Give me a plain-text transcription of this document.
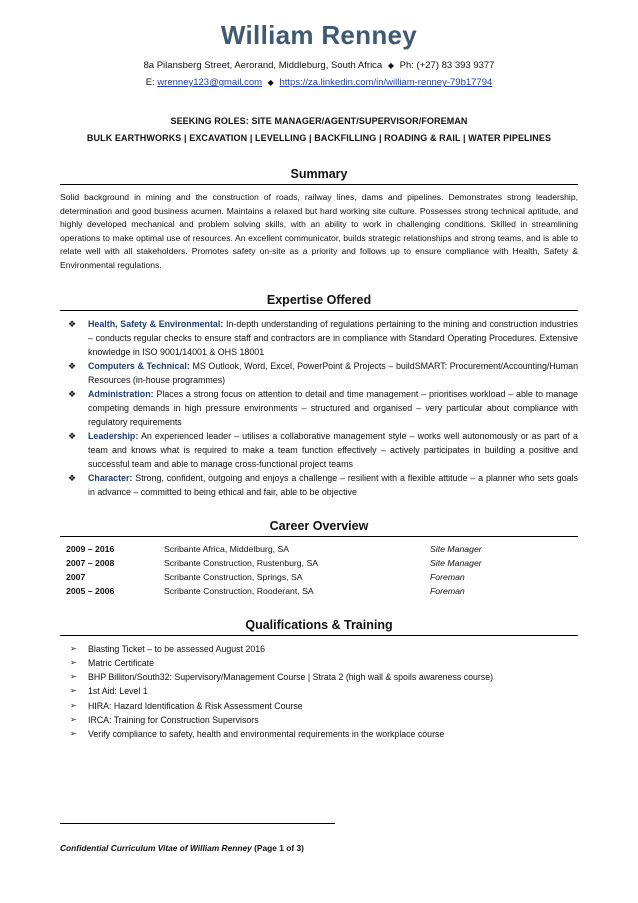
William Renney
8a Pilansberg Street, Aerorand, Middleburg, South Africa ◆ Ph: (+27) 83 393 9377
E: wrenney123@gmail.com ◆ https://za.linkedin.com/in/william-renney-79b17794
SEEKING ROLES: SITE MANAGER/AGENT/SUPERVISOR/FOREMAN
BULK EARTHWORKS | EXCAVATION | LEVELLING | BACKFILLING | ROADING & RAIL | WATER PIPELINES
Summary
Solid background in mining and the construction of roads, railway lines, dams and pipelines. Demonstrates strong leadership, determination and good business acumen. Maintains a relaxed but hard working site culture. Possesses strong technical aptitude, and highly developed mechanical and problem solving skills, with an ability to work in challenging conditions. Skilled in streamlining operations to make optimal use of resources. An excellent communicator, builds strategic relationships and strong teams, and is able to relate well with all stakeholders. Promotes safety on-site as a priority and follows up to ensure compliance with Health, Safety & Environmental regulations.
Expertise Offered
❖ Health, Safety & Environmental: In-depth understanding of regulations pertaining to the mining and construction industries – conducts regular checks to ensure staff and contractors are in compliance with Standard Operating Procedures. Extensive knowledge in ISO 9001/14001 & OHS 18001
❖ Computers & Technical: MS Outlook, Word, Excel, PowerPoint & Projects – buildSMART: Procurement/Accounting/Human Resources (in-house programmes)
❖ Administration: Places a strong focus on attention to detail and time management – prioritises workload – able to manage competing demands in high pressure environments – structured and organised – very particular about compliance with regulatory requirements
❖ Leadership: An experienced leader – utilises a collaborative management style – works well autonomously or as part of a team and knows what is required to make a team function effectively – actively participates in building a positive and successful team and able to manage cross-functional project teams
❖ Character: Strong, confident, outgoing and enjoys a challenge – resilient with a flexible attitude – a planner who sets goals in advance – committed to being ethical and fair, able to be objective
Career Overview
2009 – 2016	Scribante Africa, Middelburg, SA	Site Manager
2007 – 2008	Scribante Construction, Rustenburg, SA	Site Manager
2007	Scribante Construction, Springs, SA	Foreman
2005 – 2006	Scribante Construction, Rooderant, SA	Foreman
Qualifications & Training
➢ Blasting Ticket – to be assessed August 2016
➢ Matric Certificate
➢ BHP Billiton/South32: Supervisory/Management Course | Strata 2 (high wall & spoils awareness course)
➢ 1st Aid: Level 1
➢ HIRA: Hazard Identification & Risk Assessment Course
➢ IRCA: Training for Construction Supervisors
➢ Verify compliance to safety, health and environmental requirements in the workplace course
Confidential Curriculum Vitae of William Renney (Page 1 of 3)
